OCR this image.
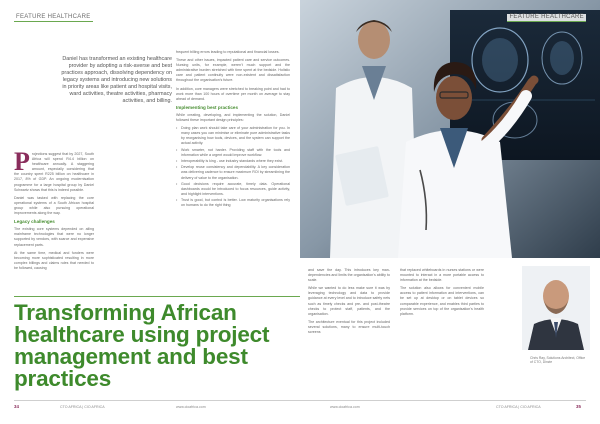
FEATURE HEALTHCARE
Daniel has transformed an existing healthcare provider by adopting a risk-averse and best practices approach, dissolving dependency on legacy systems and introducing new solutions in priority areas like patient and hospital visits, ward activities, theatre activities, pharmacy activities, and billing.

Projections suggest that by 2027, South Africa will spend R4.4 billion on healthcare annually. A staggering amount, especially considering that the country spent R225 billion on healthcare in 2017, 8% of GDP. An ongoing modernisation programme for a large hospital group by Daniel Schwartz shows that this is indeed possible.

Daniel was tasked with replacing the core operational systems of a South African hospital group while also pursuing operational improvements along the way.

Legacy challenges

The existing core systems depended on ailing mainframe technologies that were no longer supported by vendors, with scarce and expensive replacement parts.

At the same time, medical and funders were becoming more sophisticated resulting in more complex billings and claims rules that needed to be followed, causing

frequent billing errors leading to reputational and financial losses.

These and other issues, impacted patient care and service outcomes. Nursing units, for example, weren't much support and the administrative burden stretched with time spent at the bedside. Holistic care and patient continuity were non-existent and dissatisfaction throughout the organisation's future.

In addition, core managers were stretched to breaking point and had to work more than 100 hours of overtime per month on average to stay ahead of demand.

Implementing best practices

While creating, developing, and implementing the solution, Daniel followed these important design principles:

• Doing plan work should take care of your administration for you. In many cases you can minimise or eliminate pure administrative tasks by reorganising how tools, devices, and the system can support the actual activity.
• Work smarter, not harder. Providing staff with the tools and information while a urgent would improve workflow.
• Interoperability is king - use industry standards where they exist.
• Develop reuse consistency and dependability. A key consideration was delivering cadence to ensure maximum ROI by streamlining the delivery of value to the organisation.
• Good decisions require accurate, timely data. Operational dashboards would be introduced to focus resources, guide activity, and highlight interventions.
• Trust is good, but control is better. Low maturity organisations rely on humans to do the right thing
Transforming African healthcare using project management and best practices
34	CTO AFRICA | CIO AFRICA	www.cioafrica.com
FEATURE HEALTHCARE

and save the day. This introduces key man-dependencies and limits the organisation's ability to scale.

While we wanted to do less make sure it was by leveraging technology and data to provide guidance at every level and to introduce safety nets such as timely checks and pre- and post-theatre checks to protect staff, patients, and the organisation.

The architecture eventual for this project included several solutions, many to ensure multi-touch screens

that replaced whiteboards in nurses stations or were mounted to interact in a more portable access to information at the bedside.

The solution also allows for convenient mobile access to patient information and interventions, can be set up at desktop or on tablet devices so comparable experience, and enables third parties to provide services on top of the organisation's health platform.

Chris Ray, Solutions Architect, Office of CTO, Dinzie
www.cioafrica.com	CTO AFRICA | CIO AFRICA	35
